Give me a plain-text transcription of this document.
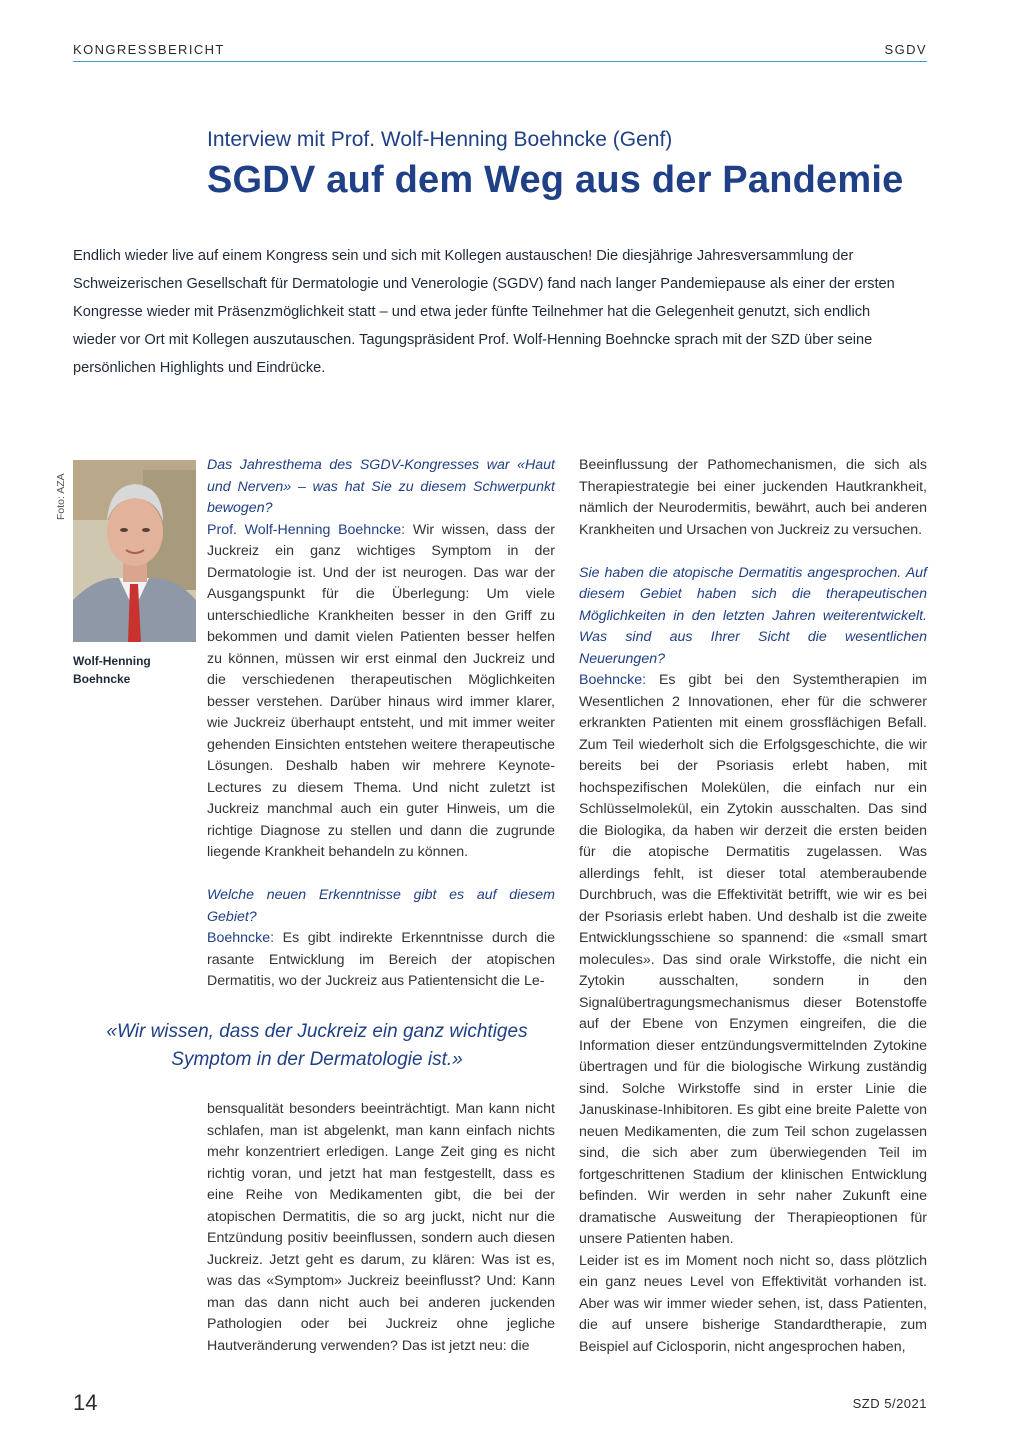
KONGRESSBERICHT	SGDV
Interview mit Prof. Wolf-Henning Boehncke (Genf)
SGDV auf dem Weg aus der Pandemie

Endlich wieder live auf einem Kongress sein und sich mit Kollegen austauschen! Die diesjährige Jahresversammlung der Schweizerischen Gesellschaft für Dermatologie und Venerologie (SGDV) fand nach langer Pandemiepause als einer der ersten Kongresse wieder mit Präsenzmöglichkeit statt – und etwa jeder fünfte Teilnehmer hat die Gelegenheit genutzt, sich endlich wieder vor Ort mit Kollegen auszutauschen. Tagungspräsident Prof. Wolf-Henning Boehncke sprach mit der SZD über seine persönlichen Highlights und Eindrücke.

Foto: AZA
Wolf-Henning Boehncke

Das Jahresthema des SGDV-Kongresses war «Haut und Nerven» – was hat Sie zu diesem Schwerpunkt bewogen?

Prof. Wolf-Henning Boehncke: Wir wissen, dass der Juckreiz ein ganz wichtiges Symptom in der Dermatologie ist. Und der ist neurogen. Das war der Ausgangspunkt für die Überlegung: Um viele unterschiedliche Krankheiten besser in den Griff zu bekommen und damit vielen Patienten besser helfen zu können, müssen wir erst einmal den Juckreiz und die verschiedenen therapeutischen Möglichkeiten besser verstehen. Darüber hinaus wird immer klarer, wie Juckreiz überhaupt entsteht, und mit immer weiter gehenden Einsichten entstehen weitere therapeutische Lösungen. Deshalb haben wir mehrere Keynote-Lectures zu diesem Thema. Und nicht zuletzt ist Juckreiz manchmal auch ein guter Hinweis, um die richtige Diagnose zu stellen und dann die zugrunde liegende Krankheit behandeln zu können.

Welche neuen Erkenntnisse gibt es auf diesem Gebiet?

Boehncke: Es gibt indirekte Erkenntnisse durch die rasante Entwicklung im Bereich der atopischen Dermatitis, wo der Juckreiz aus Patientensicht die Le-

«Wir wissen, dass der Juckreiz ein ganz wichtiges Symptom in der Dermatologie ist.»

bensqualität besonders beeinträchtigt. Man kann nicht schlafen, man ist abgelenkt, man kann einfach nichts mehr konzentriert erledigen. Lange Zeit ging es nicht richtig voran, und jetzt hat man festgestellt, dass es eine Reihe von Medikamenten gibt, die bei der atopischen Dermatitis, die so arg juckt, nicht nur die Entzündung positiv beeinflussen, sondern auch diesen Juckreiz. Jetzt geht es darum, zu klären: Was ist es, was das «Symptom» Juckreiz beeinflusst? Und: Kann man das dann nicht auch bei anderen juckenden Pathologien oder bei Juckreiz ohne jegliche Hautveränderung verwenden? Das ist jetzt neu: die

Beeinflussung der Pathomechanismen, die sich als Therapiestrategie bei einer juckenden Hautkrankheit, nämlich der Neurodermitis, bewährt, auch bei anderen Krankheiten und Ursachen von Juckreiz zu versuchen.

Sie haben die atopische Dermatitis angesprochen. Auf diesem Gebiet haben sich die therapeutischen Möglichkeiten in den letzten Jahren weiterentwickelt. Was sind aus Ihrer Sicht die wesentlichen Neuerungen?

Boehncke: Es gibt bei den Systemtherapien im Wesentlichen 2 Innovationen, eher für die schwerer erkrankten Patienten mit einem grossflächigen Befall. Zum Teil wiederholt sich die Erfolgsgeschichte, die wir bereits bei der Psoriasis erlebt haben, mit hochspezifischen Molekülen, die einfach nur ein Schlüsselmolekül, ein Zytokin ausschalten. Das sind die Biologika, da haben wir derzeit die ersten beiden für die atopische Dermatitis zugelassen. Was allerdings fehlt, ist dieser total atemberaubende Durchbruch, was die Effektivität betrifft, wie wir es bei der Psoriasis erlebt haben. Und deshalb ist die zweite Entwicklungsschiene so spannend: die «small smart molecules». Das sind orale Wirkstoffe, die nicht ein Zytokin ausschalten, sondern in den Signalübertragungsmechanismus dieser Botenstoffe auf der Ebene von Enzymen eingreifen, die die Information dieser entzündungsvermittelnden Zytokine übertragen und für die biologische Wirkung zuständig sind. Solche Wirkstoffe sind in erster Linie die Januskinase-Inhibitoren. Es gibt eine breite Palette von neuen Medikamenten, die zum Teil schon zugelassen sind, die sich aber zum überwiegenden Teil im fortgeschrittenen Stadium der klinischen Entwicklung befinden. Wir werden in sehr naher Zukunft eine dramatische Ausweitung der Therapieoptionen für unsere Patienten haben.

Leider ist es im Moment noch nicht so, dass plötzlich ein ganz neues Level von Effektivität vorhanden ist. Aber was wir immer wieder sehen, ist, dass Patienten, die auf unsere bisherige Standardtherapie, zum Beispiel auf Ciclosporin, nicht angesprochen haben,

14	SZD 5/2021
